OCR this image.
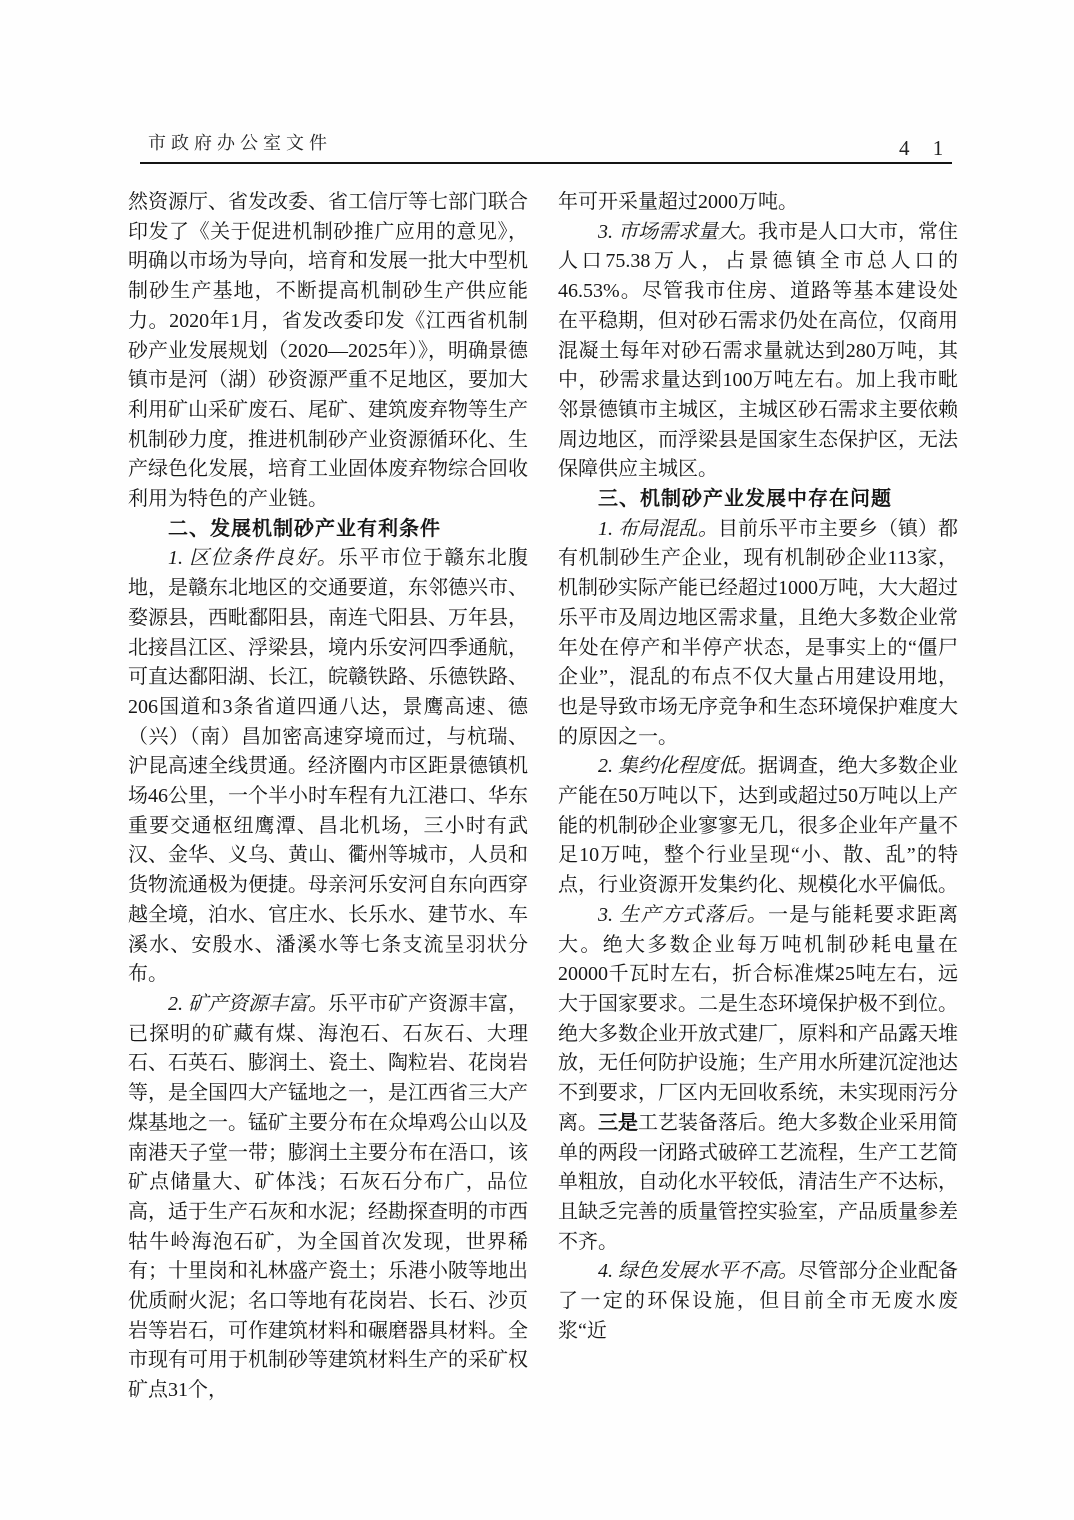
市政府办公室文件	4 1

然资源厅、省发改委、省工信厅等七部门联合印发了《关于促进机制砂推广应用的意见》，明确以市场为导向，培育和发展一批大中型机制砂生产基地，不断提高机制砂生产供应能力。2020年1月，省发改委印发《江西省机制砂产业发展规划（2020—2025年）》，明确景德镇市是河（湖）砂资源严重不足地区，要加大利用矿山采矿废石、尾矿、建筑废弃物等生产机制砂力度，推进机制砂产业资源循环化、生产绿色化发展，培育工业固体废弃物综合回收利用为特色的产业链。

二、发展机制砂产业有利条件

1. 区位条件良好。乐平市位于赣东北腹地，是赣东北地区的交通要道，东邻德兴市、婺源县，西毗鄱阳县，南连弋阳县、万年县，北接昌江区、浮梁县，境内乐安河四季通航，可直达鄱阳湖、长江，皖赣铁路、乐德铁路、206国道和3条省道四通八达，景鹰高速、德（兴）（南）昌加密高速穿境而过，与杭瑞、沪昆高速全线贯通。经济圈内市区距景德镇机场46公里，一个半小时车程有九江港口、华东重要交通枢纽鹰潭、昌北机场，三小时有武汉、金华、义乌、黄山、衢州等城市，人员和货物流通极为便捷。母亲河乐安河自东向西穿越全境，泊水、官庄水、长乐水、建节水、车溪水、安殷水、潘溪水等七条支流呈羽状分布。

2. 矿产资源丰富。乐平市矿产资源丰富，已探明的矿藏有煤、海泡石、石灰石、大理石、石英石、膨润土、瓷土、陶粒岩、花岗岩等，是全国四大产锰地之一，是江西省三大产煤基地之一。锰矿主要分布在众埠鸡公山以及南港天子堂一带；膨润土主要分布在浯口，该矿点储量大、矿体浅；石灰石分布广，品位高，适于生产石灰和水泥；经勘探查明的市西牯牛岭海泡石矿，为全国首次发现，世界稀有；十里岗和礼林盛产瓷土；乐港小陂等地出优质耐火泥；名口等地有花岗岩、长石、沙页岩等岩石，可作建筑材料和碾磨器具材料。全市现有可用于机制砂等建筑材料生产的采矿权矿点31个，

年可开采量超过2000万吨。

3. 市场需求量大。我市是人口大市，常住人口75.38万人，占景德镇全市总人口的46.53%。尽管我市住房、道路等基本建设处在平稳期，但对砂石需求仍处在高位，仅商用混凝土每年对砂石需求量就达到280万吨，其中，砂需求量达到100万吨左右。加上我市毗邻景德镇市主城区，主城区砂石需求主要依赖周边地区，而浮梁县是国家生态保护区，无法保障供应主城区。

三、机制砂产业发展中存在问题

1. 布局混乱。目前乐平市主要乡（镇）都有机制砂生产企业，现有机制砂企业113家，机制砂实际产能已经超过1000万吨，大大超过乐平市及周边地区需求量，且绝大多数企业常年处在停产和半停产状态，是事实上的“僵尸企业”，混乱的布点不仅大量占用建设用地，也是导致市场无序竞争和生态环境保护难度大的原因之一。

2. 集约化程度低。据调查，绝大多数企业产能在50万吨以下，达到或超过50万吨以上产能的机制砂企业寥寥无几，很多企业年产量不足10万吨，整个行业呈现“小、散、乱”的特点，行业资源开发集约化、规模化水平偏低。

3. 生产方式落后。一是与能耗要求距离大。绝大多数企业每万吨机制砂耗电量在20000千瓦时左右，折合标准煤25吨左右，远大于国家要求。二是生态环境保护极不到位。绝大多数企业开放式建厂，原料和产品露天堆放，无任何防护设施；生产用水所建沉淀池达不到要求，厂区内无回收系统，未实现雨污分离。三是工艺装备落后。绝大多数企业采用简单的两段一闭路式破碎工艺流程，生产工艺简单粗放，自动化水平较低，清洁生产不达标，且缺乏完善的质量管控实验室，产品质量参差不齐。

4. 绿色发展水平不高。尽管部分企业配备了一定的环保设施，但目前全市无废水废浆“近
